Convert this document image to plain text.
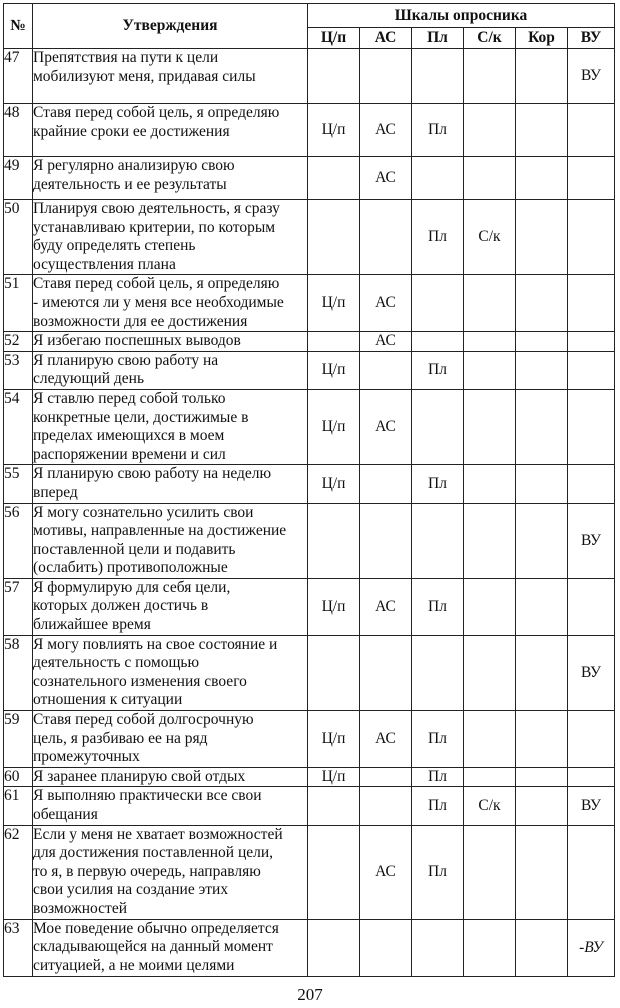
№	Утверждения	Шкалы опросника					
		Ц/п	АС	Пл	С/к	Кор	ВУ
47	Препятствия на пути к цели
мобилизуют меня, придавая силы						ВУ
48	Ставя перед собой цель, я определяю
крайние сроки ее достижения	Ц/п	АС	Пл			
49	Я регулярно анализирую свою
деятельность и ее результаты		АС				
50	Планируя свою деятельность, я сразу
устанавливаю критерии, по которым
буду определять степень
осуществления плана			Пл	С/к		
51	Ставя перед собой цель, я определяю
- имеются ли у меня все необходимые
возможности для ее достижения	Ц/п	АС				
52	Я избегаю поспешных выводов		АС				
53	Я планирую свою работу на
следующий день	Ц/п		Пл			
54	Я ставлю перед собой только
конкретные цели, достижимые в
пределах имеющихся в моем
распоряжении времени и сил	Ц/п	АС				
55	Я планирую свою работу на неделю
вперед	Ц/п		Пл			
56	Я могу сознательно усилить свои
мотивы, направленные на достижение
поставленной цели и подавить
(ослабить) противоположные						ВУ
57	Я формулирую для себя цели,
которых должен достичь в
ближайшее время	Ц/п	АС	Пл			
58	Я могу повлиять на свое состояние и
деятельность с помощью
сознательного изменения своего
отношения к ситуации						ВУ
59	Ставя перед собой долгосрочную
цель, я разбиваю ее на ряд
промежуточных	Ц/п	АС	Пл			
60	Я заранее планирую свой отдых	Ц/п		Пл			
61	Я выполняю практически все свои
обещания			Пл	С/к		ВУ
62	Если у меня не хватает возможностей
для достижения поставленной цели,
то я, в первую очередь, направляю
свои усилия на создание этих
возможностей		АС	Пл			
63	Мое поведение обычно определяется
складывающейся на данный момент
ситуацией, а не моими целями						-ВУ
207
